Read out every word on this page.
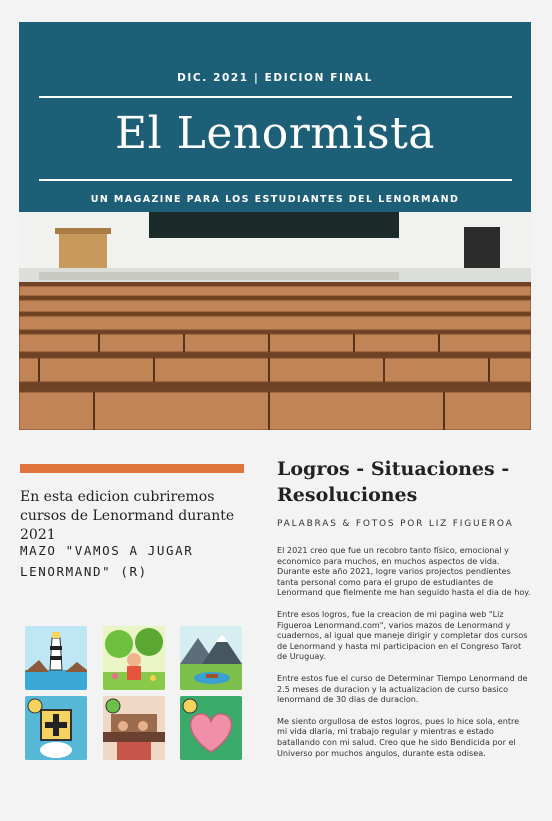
DIC. 2021 | EDICION FINAL
El Lenormista
UN MAGAZINE PARA LOS ESTUDIANTES DEL LENORMAND

En esta edicion cubriremos cursos de Lenormand durante 2021

MAZO "VAMOS A JUGAR LENORMAND" (R)

Logros - Situaciones - Resoluciones

PALABRAS & FOTOS POR LIZ FIGUEROA

El 2021 creo que fue un recobro tanto físico, emocional y economico para muchos, en muchos aspectos de vida. Durante este año 2021, logre varios projectos pendientes tanta personal como para el grupo de estudiantes de Lenormand que fielmente me han seguido hasta el dia de hoy.

Entre esos logros, fue la creacion de mi pagina web "Liz Figueroa Lenormand.com", varios mazos de Lenormand y cuadernos, al igual que maneje dirigir y completar dos cursos de Lenormand y hasta mi participacion en el Congreso Tarot de Uruguay.

Entre estos fue el curso de Determinar Tiempo Lenormand de 2.5 meses de duracion y la actualizacion de curso basico lenormand de 30 dias de duracion.

Me siento orgullosa de estos logros, pues lo hice sola, entre mi vida diaria, mi trabajo regular y mientras e estado batallando con mi salud. Creo que he sido Bendicida por el Universo por muchos angulos, durante esta odisea.
